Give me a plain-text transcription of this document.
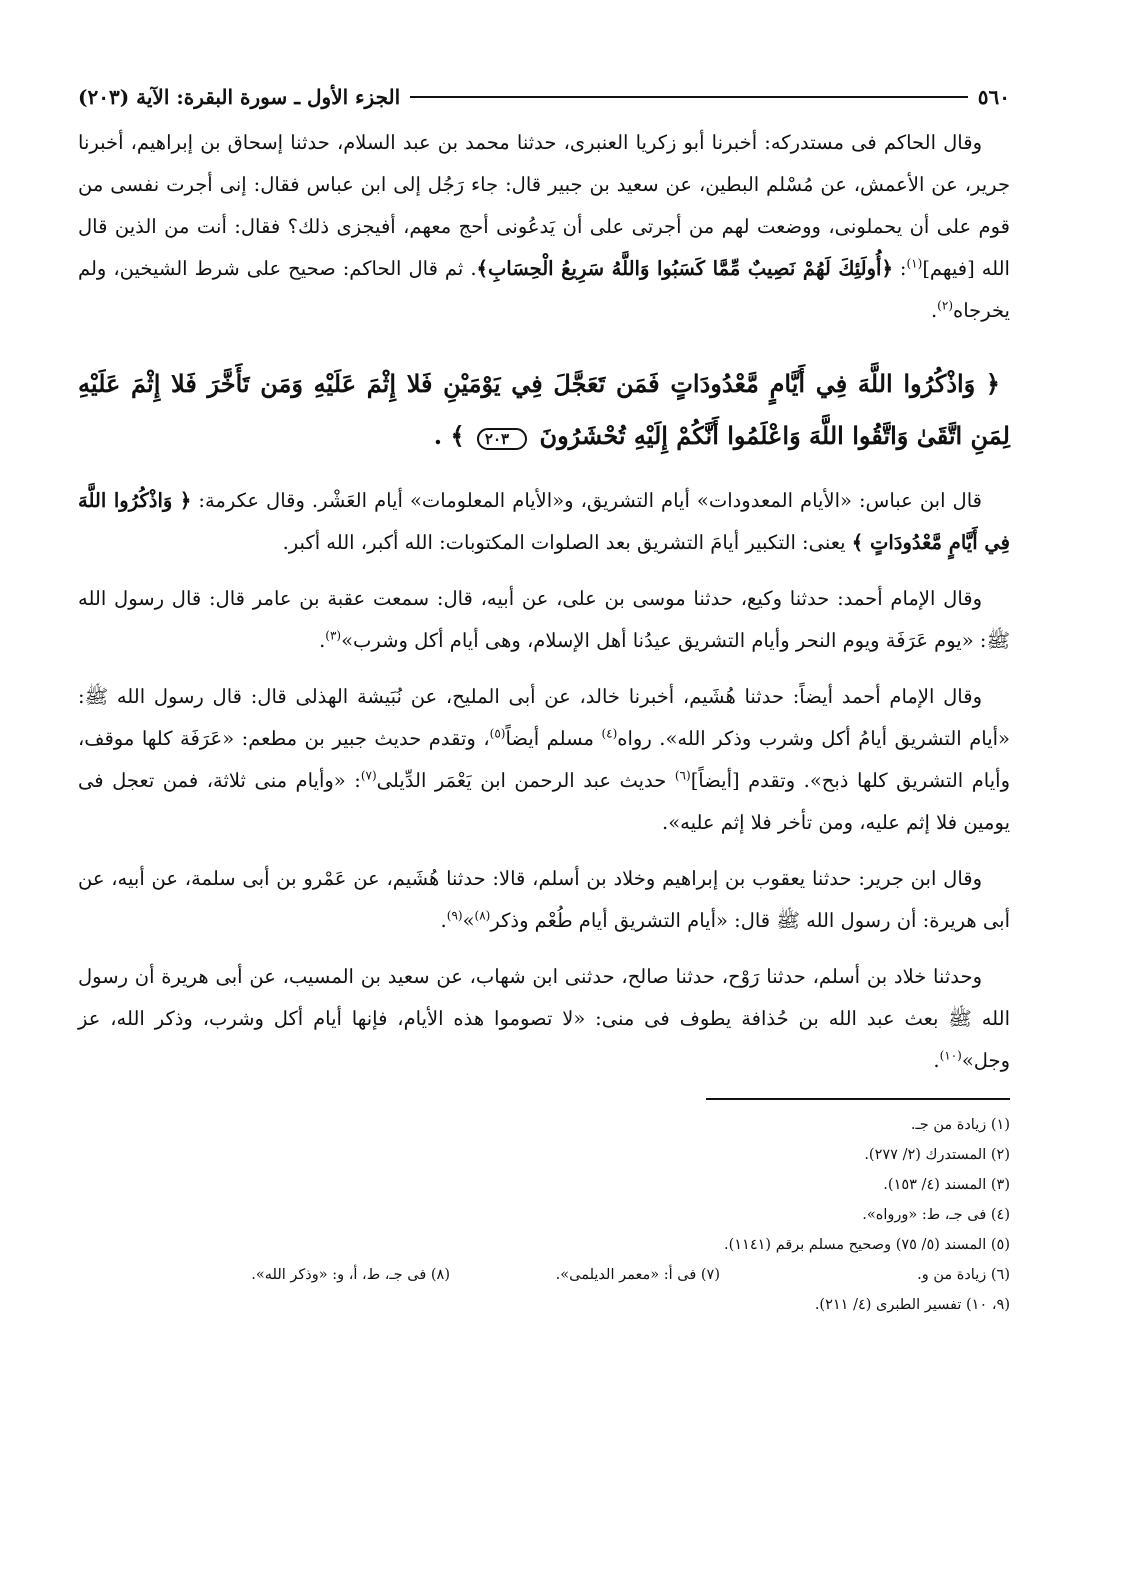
٥٦٠
الجزء الأول ـ سورة البقرة: الآية (٢٠٣)

وقال الحاكم فى مستدركه: أخبرنا أبو زكريا العنبرى، حدثنا محمد بن عبد السلام، حدثنا إسحاق بن إبراهيم، أخبرنا جرير، عن الأعمش، عن مُسْلم البطين، عن سعيد بن جبير قال: جاء رَجُل إلى ابن عباس فقال: إنى أجرت نفسى من قوم على أن يحملونى، ووضعت لهم من أجرتى على أن يَدعُونى أحج معهم، أفيجزى ذلك؟ فقال: أنت من الذين قال الله [فيهم]$^{(١)}$: ﴿أُولَئِكَ لَهُمْ نَصِيبٌ مِّمَّا كَسَبُوا وَاللَّهُ سَرِيعُ الْحِسَابِ﴾. ثم قال الحاكم: صحيح على شرط الشيخين، ولم يخرجاه$^{(٢)}$.

﴿ وَاذْكُرُوا اللَّهَ فِي أَيَّامٍ مَّعْدُودَاتٍ فَمَن تَعَجَّلَ فِي يَوْمَيْنِ فَلا إِثْمَ عَلَيْهِ وَمَن تَأَخَّرَ فَلا إِثْمَ عَلَيْهِ لِمَنِ اتَّقَىٰ وَاتَّقُوا اللَّهَ وَاعْلَمُوا أَنَّكُمْ إِلَيْهِ تُحْشَرُونَ ٢٠٣ ﴾ .

قال ابن عباس: «الأيام المعدودات» أيام التشريق، و«الأيام المعلومات» أيام العَشْر. وقال عكرمة: ﴿ وَاذْكُرُوا اللَّهَ فِي أَيَّامٍ مَّعْدُودَاتٍ ﴾ يعنى: التكبير أيامَ التشريق بعد الصلوات المكتوبات: الله أكبر، الله أكبر.

وقال الإمام أحمد: حدثنا وكيع، حدثنا موسى بن على، عن أبيه، قال: سمعت عقبة بن عامر قال: قال رسول الله ﷺ: «يوم عَرَفَة ويوم النحر وأيام التشريق عيدُنا أهل الإسلام، وهى أيام أكل وشرب»$^{(٣)}$.

وقال الإمام أحمد أيضاً: حدثنا هُشَيم، أخبرنا خالد، عن أبى المليح، عن نُبَيشة الهذلى قال: قال رسول الله ﷺ: «أيام التشريق أيامُ أكل وشرب وذكر الله». رواه$^{(٤)}$ مسلم أيضاً$^{(٥)}$، وتقدم حديث جبير بن مطعم: «عَرَفَة كلها موقف، وأيام التشريق كلها ذبح». وتقدم [أيضاً]$^{(٦)}$ حديث عبد الرحمن ابن يَعْمَر الدِّيلى$^{(٧)}$: «وأيام منى ثلاثة، فمن تعجل فى يومين فلا إثم عليه، ومن تأخر فلا إثم عليه».

وقال ابن جرير: حدثنا يعقوب بن إبراهيم وخلاد بن أسلم، قالا: حدثنا هُشَيم، عن عَمْرو بن أبى سلمة، عن أبيه، عن أبى هريرة: أن رسول الله ﷺ قال: «أيام التشريق أيام طُعْم وذكر$^{(٨)}$»$^{(٩)}$.

وحدثنا خلاد بن أسلم، حدثنا رَوْح، حدثنا صالح، حدثنى ابن شهاب، عن سعيد بن المسيب، عن أبى هريرة أن رسول الله ﷺ بعث عبد الله بن حُذافة يطوف فى منى: «لا تصوموا هذه الأيام، فإنها أيام أكل وشرب، وذكر الله، عز وجل»$^{(١٠)}$.

(١) زيادة من جـ.
(٢) المستدرك (٢/ ٢٧٧).
(٣) المسند (٤/ ١٥٣).
(٤) فى جـ، ط: «ورواه».
(٥) المسند (٥/ ٧٥) وصحيح مسلم برقم (١١٤١).
(٦) زيادة من و.
(٧) فى أ: «معمر الديلمى».
(٨) فى جـ، ط، أ، و: «وذكر الله».
(٩، ١٠) تفسير الطبرى (٤/ ٢١١).
